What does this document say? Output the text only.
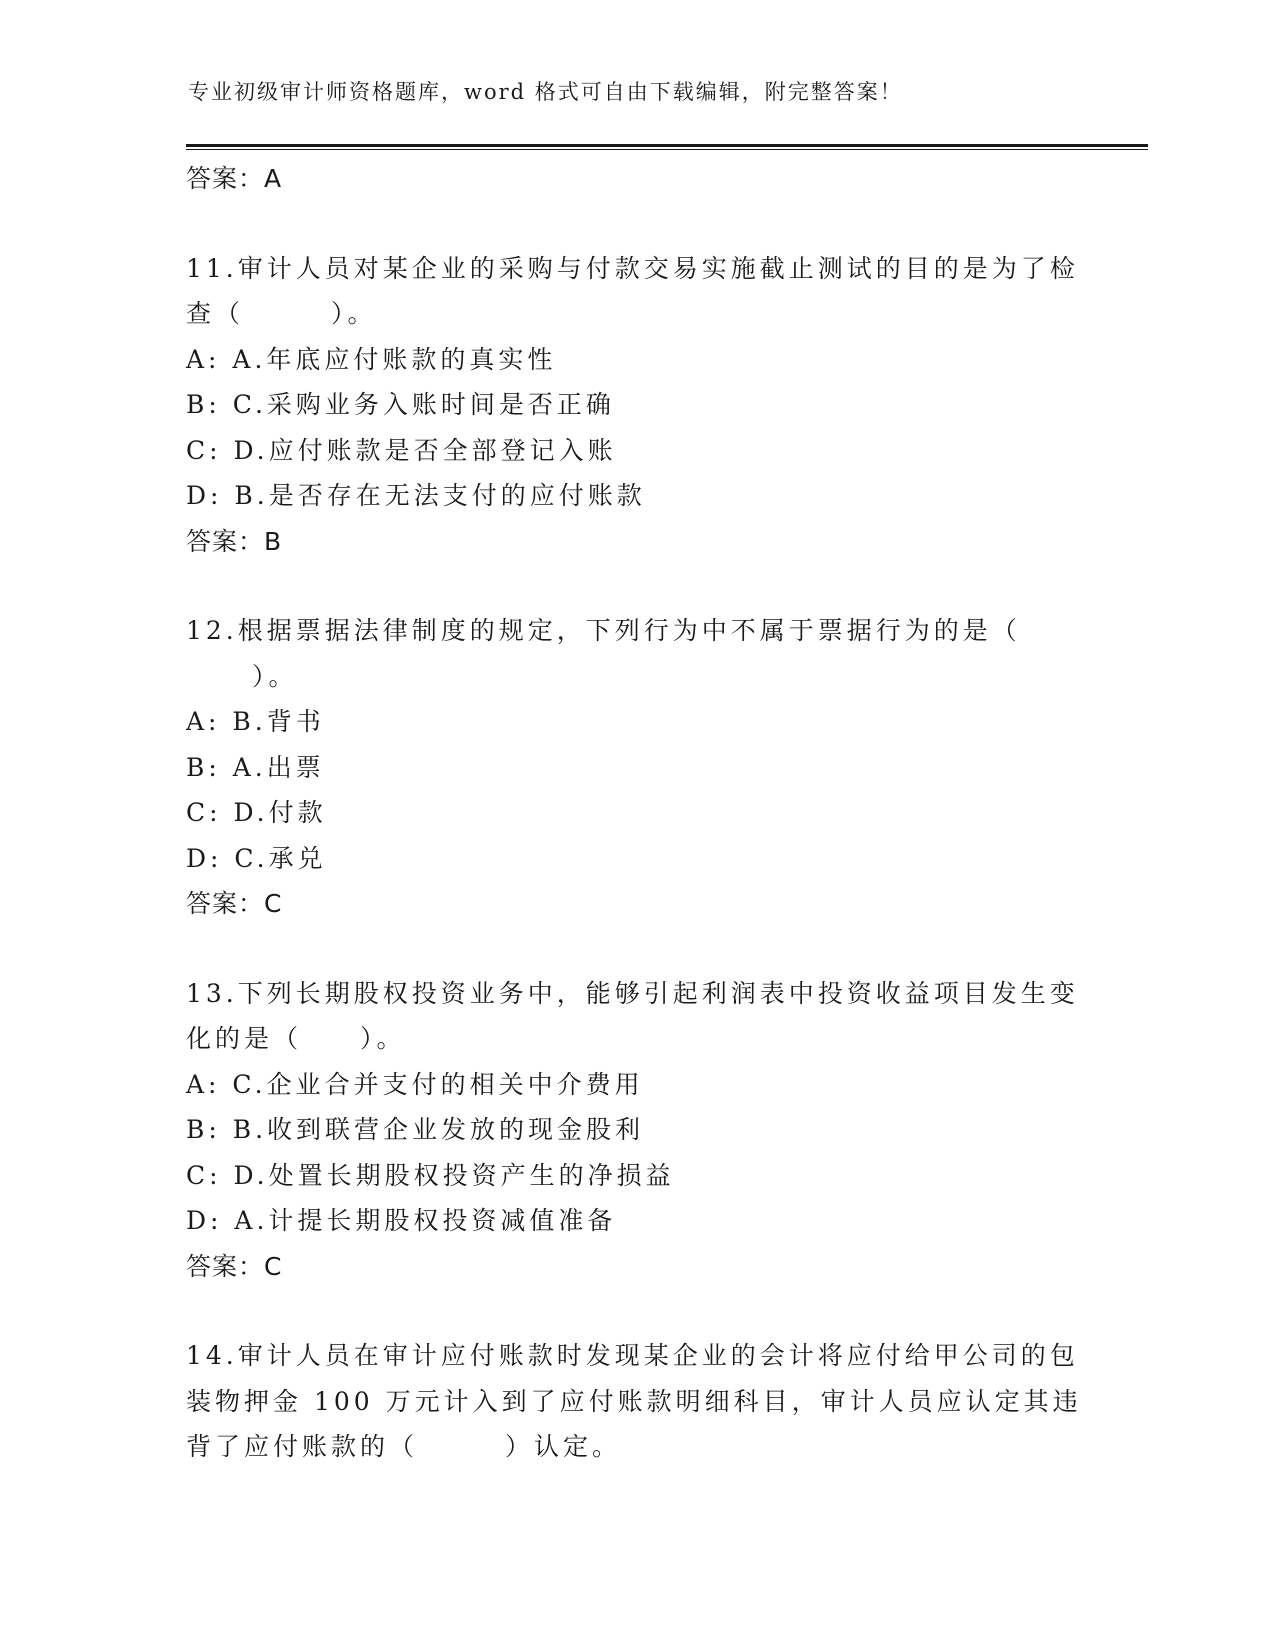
专业初级审计师资格题库，word 格式可自由下载编辑，附完整答案！
答案：A
11.审计人员对某企业的采购与付款交易实施截止测试的目的是为了检
查（　　　）。
A: A.年底应付账款的真实性
B: C.采购业务入账时间是否正确
C: D.应付账款是否全部登记入账
D: B.是否存在无法支付的应付账款
答案：B
12.根据票据法律制度的规定，下列行为中不属于票据行为的是（
）。
A: B.背书
B: A.出票
C: D.付款
D: C.承兑
答案：C
13.下列长期股权投资业务中，能够引起利润表中投资收益项目发生变
化的是（　　）。
A: C.企业合并支付的相关中介费用
B: B.收到联营企业发放的现金股利
C: D.处置长期股权投资产生的净损益
D: A.计提长期股权投资减值准备
答案：C
14.审计人员在审计应付账款时发现某企业的会计将应付给甲公司的包
装物押金 100 万元计入到了应付账款明细科目，审计人员应认定其违
背了应付账款的（　　　）认定。
